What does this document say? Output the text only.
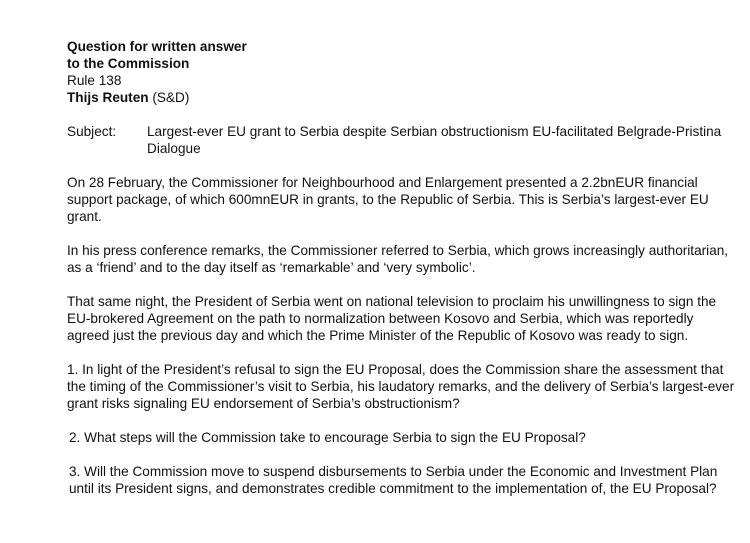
Question for written answer
to the Commission
Rule 138
Thijs Reuten (S&D)
Subject:	Largest-ever EU grant to Serbia despite Serbian obstructionism EU-facilitated Belgrade-Pristina Dialogue

On 28 February, the Commissioner for Neighbourhood and Enlargement presented a 2.2bnEUR financial support package, of which 600mnEUR in grants, to the Republic of Serbia. This is Serbia’s largest-ever EU grant.

In his press conference remarks, the Commissioner referred to Serbia, which grows increasingly authoritarian, as a ‘friend’ and to the day itself as ‘remarkable’ and ‘very symbolic’.

That same night, the President of Serbia went on national television to proclaim his unwillingness to sign the EU-brokered Agreement on the path to normalization between Kosovo and Serbia, which was reportedly agreed just the previous day and which the Prime Minister of the Republic of Kosovo was ready to sign.

1. In light of the President’s refusal to sign the EU Proposal, does the Commission share the assessment that the timing of the Commissioner’s visit to Serbia, his laudatory remarks, and the delivery of Serbia’s largest-ever grant risks signaling EU endorsement of Serbia’s obstructionism?

2. What steps will the Commission take to encourage Serbia to sign the EU Proposal?

3. Will the Commission move to suspend disbursements to Serbia under the Economic and Investment Plan until its President signs, and demonstrates credible commitment to the implementation of, the EU Proposal?
